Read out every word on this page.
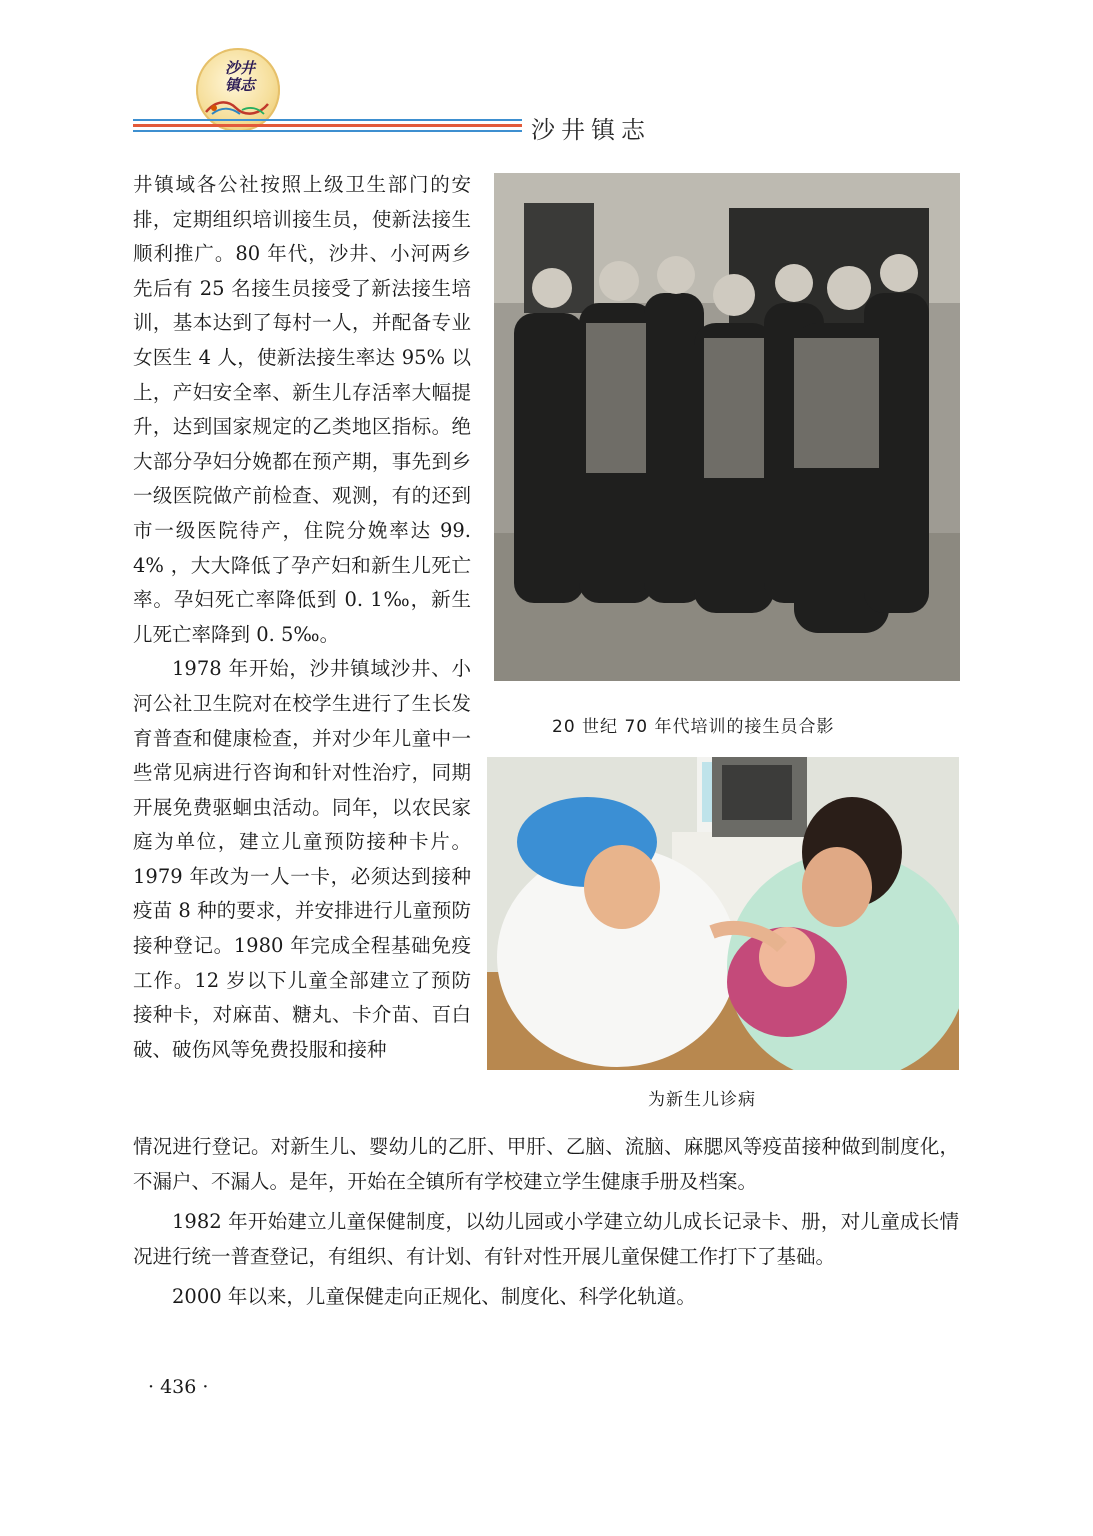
沙井
镇志
沙井镇志

井镇域各公社按照上级卫生部门的安排，定期组织培训接生员，使新法接生顺利推广。80 年代，沙井、小河两乡先后有 25 名接生员接受了新法接生培训，基本达到了每村一人，并配备专业女医生 4 人，使新法接生率达 95% 以上，产妇安全率、新生儿存活率大幅提升，达到国家规定的乙类地区指标。绝大部分孕妇分娩都在预产期，事先到乡一级医院做产前检查、观测，有的还到市一级医院待产，住院分娩率达 99. 4% ，大大降低了孕产妇和新生儿死亡率。孕妇死亡率降低到 0. 1‰，新生儿死亡率降到 0. 5‰。

1978 年开始，沙井镇域沙井、小河公社卫生院对在校学生进行了生长发育普查和健康检查，并对少年儿童中一些常见病进行咨询和针对性治疗，同期开展免费驱蛔虫活动。同年，以农民家庭为单位，建立儿童预防接种卡片。1979 年改为一人一卡，必须达到接种疫苗 8 种的要求，并安排进行儿童预防接种登记。1980 年完成全程基础免疫工作。12 岁以下儿童全部建立了预防接种卡，对麻苗、糖丸、卡介苗、百白破、破伤风等免费投服和接种

20 世纪 70 年代培训的接生员合影
为新生儿诊病

情况进行登记。对新生儿、婴幼儿的乙肝、甲肝、乙脑、流脑、麻腮风等疫苗接种做到制度化，不漏户、不漏人。是年，开始在全镇所有学校建立学生健康手册及档案。

1982 年开始建立儿童保健制度，以幼儿园或小学建立幼儿成长记录卡、册，对儿童成长情况进行统一普查登记，有组织、有计划、有针对性开展儿童保健工作打下了基础。

2000 年以来，儿童保健走向正规化、制度化、科学化轨道。

· 436 ·
